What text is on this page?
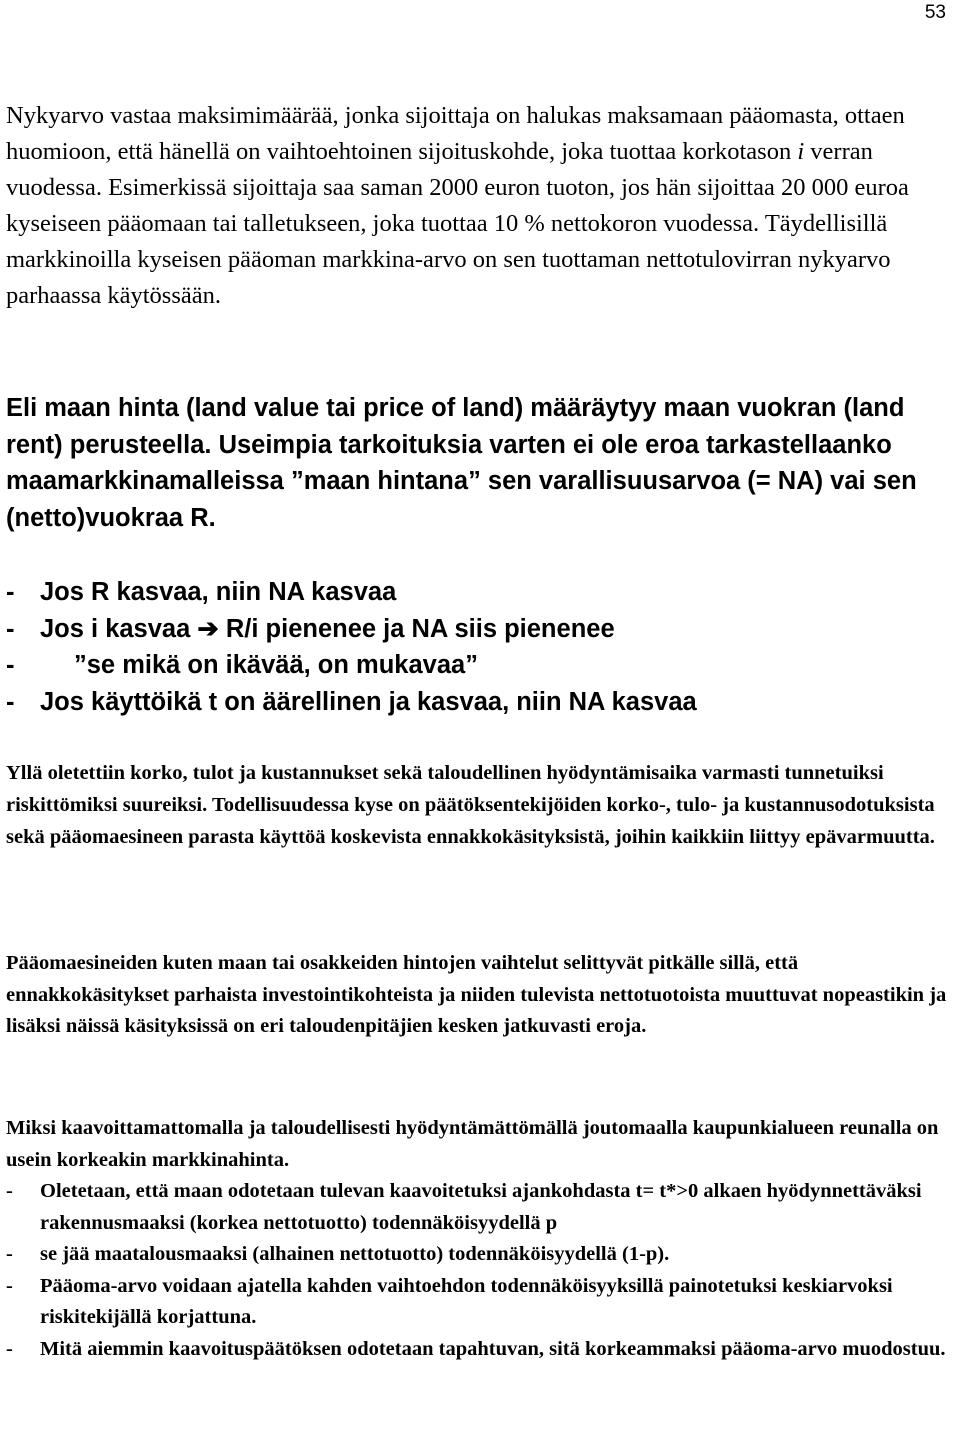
53

Nykyarvo vastaa maksimimäärää, jonka sijoittaja on halukas maksamaan pääomasta, ottaen huomioon, että hänellä on vaihtoehtoinen sijoituskohde, joka tuottaa korkotason i verran vuodessa. Esimerkissä sijoittaja saa saman 2000 euron tuoton, jos hän sijoittaa 20 000 euroa kyseiseen pääomaan tai talletukseen, joka tuottaa 10 % nettokoron vuodessa. Täydellisillä markkinoilla kyseisen pääoman markkina-arvo on sen tuottaman nettotulovirran nykyarvo parhaassa käytössään.

Eli maan hinta (land value tai price of land) määräytyy maan vuokran (land rent) perusteella. Useimpia tarkoituksia varten ei ole eroa tarkastellaanko maamarkkinamalleissa ”maan hintana” sen varallisuusarvoa (= NA) vai sen (netto)vuokraa R.

- Jos R kasvaa, niin NA kasvaa
- Jos i kasvaa ➔ R/i pienenee ja NA siis pienenee
- ”se mikä on ikävää, on mukavaa”
- Jos käyttöikä t on äärellinen ja kasvaa, niin NA kasvaa

Yllä oletettiin korko, tulot ja kustannukset sekä taloudellinen hyödyntämisaika varmasti tunnetuiksi riskittömiksi suureiksi. Todellisuudessa kyse on päätöksentekijöiden korko-, tulo- ja kustannusodotuksista sekä pääomaesineen parasta käyttöä koskevista ennakkokäsityksistä, joihin kaikkiin liittyy epävarmuutta.

Pääomaesineiden kuten maan tai osakkeiden hintojen vaihtelut selittyvät pitkälle sillä, että ennakkokäsitykset parhaista investointikohteista ja niiden tulevista nettotuotoista muuttuvat nopeastikin ja lisäksi näissä käsityksissä on eri taloudenpitäjien kesken jatkuvasti eroja.

Miksi kaavoittamattomalla ja taloudellisesti hyödyntämättömällä joutomaalla kaupunkialueen reunalla on usein korkeakin markkinahinta.

- Oletetaan, että maan odotetaan tulevan kaavoitetuksi ajankohdasta t= t*>0 alkaen hyödynnettäväksi rakennusmaaksi (korkea nettotuotto) todennäköisyydellä p
- se jää maatalousmaaksi (alhainen nettotuotto) todennäköisyydellä (1-p).
- Pääoma-arvo voidaan ajatella kahden vaihtoehdon todennäköisyyksillä painotetuksi keskiarvoksi riskitekijällä korjattuna.
- Mitä aiemmin kaavoituspäätöksen odotetaan tapahtuvan, sitä korkeammaksi pääoma-arvo muodostuu.
